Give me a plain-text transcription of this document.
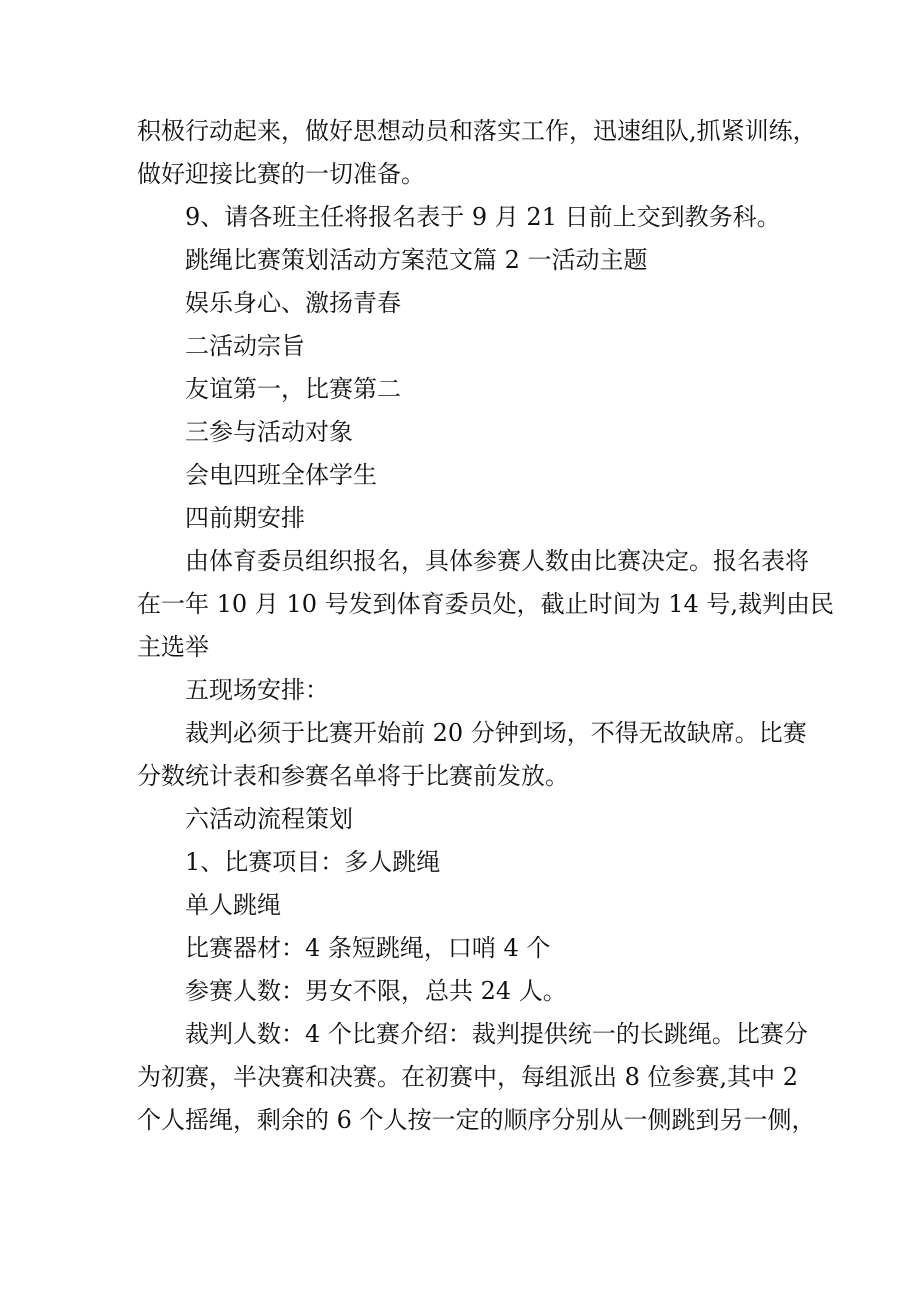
积极行动起来，做好思想动员和落实工作，迅速组队,抓紧训练，
做好迎接比赛的一切准备。
9、请各班主任将报名表于 9 月 21 日前上交到教务科。
跳绳比赛策划活动方案范文篇 2 一活动主题
娱乐身心、激扬青春
二活动宗旨
友谊第一，比赛第二
三参与活动对象
会电四班全体学生
四前期安排
由体育委员组织报名，具体参赛人数由比赛决定。报名表将
在一年 10 月 10 号发到体育委员处，截止时间为 14 号,裁判由民
主选举
五现场安排：
裁判必须于比赛开始前 20 分钟到场，不得无故缺席。比赛
分数统计表和参赛名单将于比赛前发放。
六活动流程策划
1、比赛项目：多人跳绳
单人跳绳
比赛器材：4 条短跳绳，口哨 4 个
参赛人数：男女不限，总共 24 人。
裁判人数：4 个比赛介绍：裁判提供统一的长跳绳。比赛分
为初赛，半决赛和决赛。在初赛中，每组派出 8 位参赛,其中 2
个人摇绳，剩余的 6 个人按一定的顺序分别从一侧跳到另一侧，
